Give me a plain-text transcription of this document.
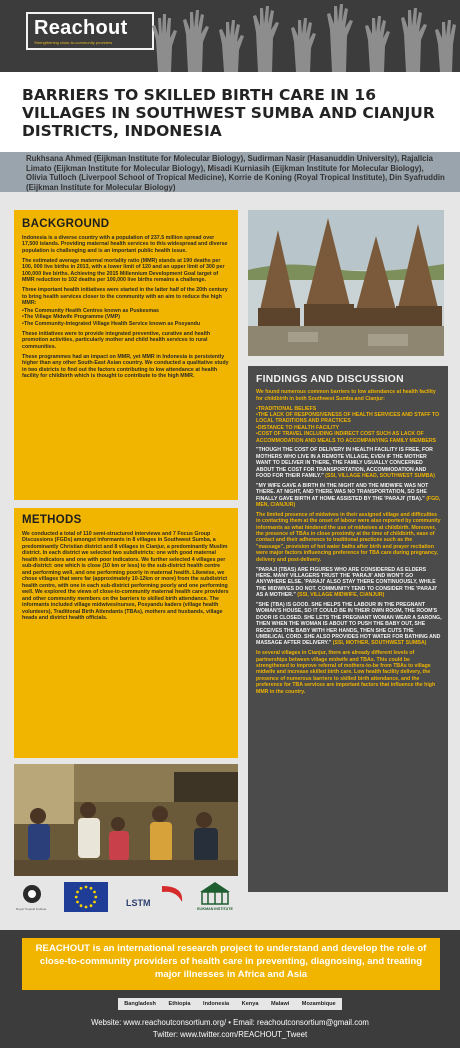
Reachout
Strengthening close-to-community providers
BARRIERS TO SKILLED BIRTH CARE IN 16 VILLAGES IN SOUTHWEST SUMBA AND CIANJUR DISTRICTS, INDONESIA

Rukhsana Ahmed (Eijkman Institute for Molecular Biology), Sudirman Nasir (Hasanuddin University), Rajallcia Limato (Eijkman Institute for Molecular Biology), Misadi Kurniasih (Eijkman Institute for Molecular Biology), Olivia Tulloch (Liverpool School of Tropical Medicine), Korrie de Koning (Royal Tropical Institute), Din Syafruddin (Eijkman Institute for Molecular Biology)

BACKGROUND

Indonesia is a diverse country with a population of 237.5 million spread over 17,500 islands. Providing maternal health services to this widespread and diverse population is challenging and is an important public health issue.

The estimated average maternal mortality ratio (MMR) stands at 190 deaths per 100, 000 live births in 2013, with a lower limit of 120 and an upper limit of 300 per 100,000 live births. Achieving the 2015 Millennium Development Goal target of MMR reduction to 102 deaths per 100,000 live births remains a challenge.

Three important health initiatives were started in the latter half of the 20th century to bring health services closer to the community with an aim to reduce the high MMR:

• The Community Health Centres known as Puskesmas
• The Village Midwife Programme (VMP)
• The Community-Integrated Village Health Service known as Posyandu

These initiatives were to provide integrated preventive, curative and health promotion activities, particularly mother and child health services to rural communities.

These programmes had an impact on MMR, yet MMR in Indonesia is persistently higher than any other South-East Asian country. We conducted a qualitative study in two districts to find out the factors contributing to low attendance at health facility for childbirth which is thought to contribute to the high MMR.

METHODS

We conducted a total of 110 semi-structured interviews and 7 Focus Group Discussions (FGDs) amongst informants in 8 villages in Southwest Sumba, a predominantly Christian district and 8 villages in Cianjur, a predominantly Muslim district. In each district we selected two subdistricts: one with good maternal health indicators and one with poor indicators. We further selected 4 villages per sub-district: one which is close (10 km or less) to the sub-district health centre and performing well, and one performing poorly in maternal health. Likewise, we chose villages that were far (approximately 10-12km or more) from the subdistrict health centre, with one in each sub-district performing poorly and one performing well. We explored the views of close-to-community maternal health care providers and other community members on the barriers to skilled birth attendance. The informants included village midwives/nurses, Posyandu kaders (village health volunteers), Traditional Birth Attendants (TBAs), mothers and husbands, village heads and district health officials.

FINDINGS AND DISCUSSION

We found numerous common barriers to low attendance at health facility for childbirth in both Southwest Sumba and Cianjur:

• TRADITIONAL BELIEFS
• THE LACK OF RESPONSIVENESS OF HEALTH SERVICES AND STAFF TO LOCAL TRADITIONS AND PRACTICES
• DISTANCE TO HEALTH FACILITY
• COST OF TRAVEL INCLUDING INDIRECT COST SUCH AS LACK OF ACCOMMODATION AND MEALS TO ACCOMPANYING FAMILY MEMBERS

"THOUGH THE COST OF DELIVERY IN HEALTH FACILITY IS FREE, FOR MOTHERS WHO LIVE IN A REMOTE VILLAGE, EVEN IF THE MOTHER WANT TO DELIVER IN THERE, THE FAMILY USUALLY CONCERNED ABOUT THE COST FOR TRANSPORTATION, ACCOMMODATION AND FOOD FOR THEIR FAMILY." (SSI, VILLAGE HEAD, SOUTHWEST SUMBA)

"MY WIFE GAVE A BIRTH IN THE NIGHT AND THE MIDWIFE WAS NOT THERE. AT NIGHT, AND THERE WAS NO TRANSPORTATION, SO SHE FINALLY GAVE BIRTH AT HOME ASSISTED BY THE 'PARAJI' (TBA)." (FGD, MEN, CIANJUR)

The limited presence of midwives in their assigned village and difficulties in contacting them at the onset of labour were also reported by community informants as what hindered the use of midwives at childbirth. Moreover, the presence of TBAs in close proximity at the time of childbirth, ease of contact and their adherence to traditional practices such as the "massage", provision of hot water baths after birth and prayer recitation were major factors influencing preference for TBA care during pregnancy, delivery and post-delivery.

"PARAJI (TBAS) ARE FIGURES WHO ARE CONSIDERED AS ELDERS HERE. MANY VILLAGERS TRUST THE 'PARAJI' AND WON'T GO ANYWHERE ELSE. 'PARAJI' ALSO STAY THERE CONTINUOUSLY, WHILE THE MIDWIVES DO NOT. COMMUNITY TEND TO CONSIDER THE 'PARAJI' AS A MOTHER." (SSI, VILLAGE MIDWIFE, CIANJUR)

"SHE (TBA) IS GOOD. SHE HELPS THE LABOUR IN THE PREGNANT WOMAN'S HOUSE, SO IT COULD BE IN THEIR OWN ROOM, THE ROOM'S DOOR IS CLOSED. SHE LETS THE PREGNANT WOMAN WEAR A SARONG, THEN WHEN THE WOMAN IS ABOUT TO PUSH THE BABY OUT, SHE RECEIVES THE BABY WITH HER HANDS, THEN SHE CUTS THE UMBILICAL CORD. SHE ALSO PROVIDES HOT WATER FOR BATHING AND MASSAGE AFTER DELIVERY." (SSI, MOTHER, SOUTHWEST SUMBA)

In several villages in Cianjur, there are already different levels of partnerships between village midwife and TBAs. This could be strengthened to improve referral of mothers-to-be from TBAs to village midwife and increase skilled birth care. Low health facility delivery, the presence of numerous barriers to skilled birth attendance, and the preference for TBA services are important factors that influence the high MMR in the country.

Royal Tropical Institute
LSTM
EIJKMAN INSTITUTE

REACHOUT is an international research project to understand and develop the role of close-to-community providers of health care in preventing, diagnosing, and treating major illnesses in Africa and Asia

Bangladesh Ethiopia Indonesia Kenya Malawi Mozambique

Website: www.reachoutconsortium.org/ • Email: reachoutconsortium@gmail.com

Twitter: www.twitter.com/REACHOUT_Tweet
